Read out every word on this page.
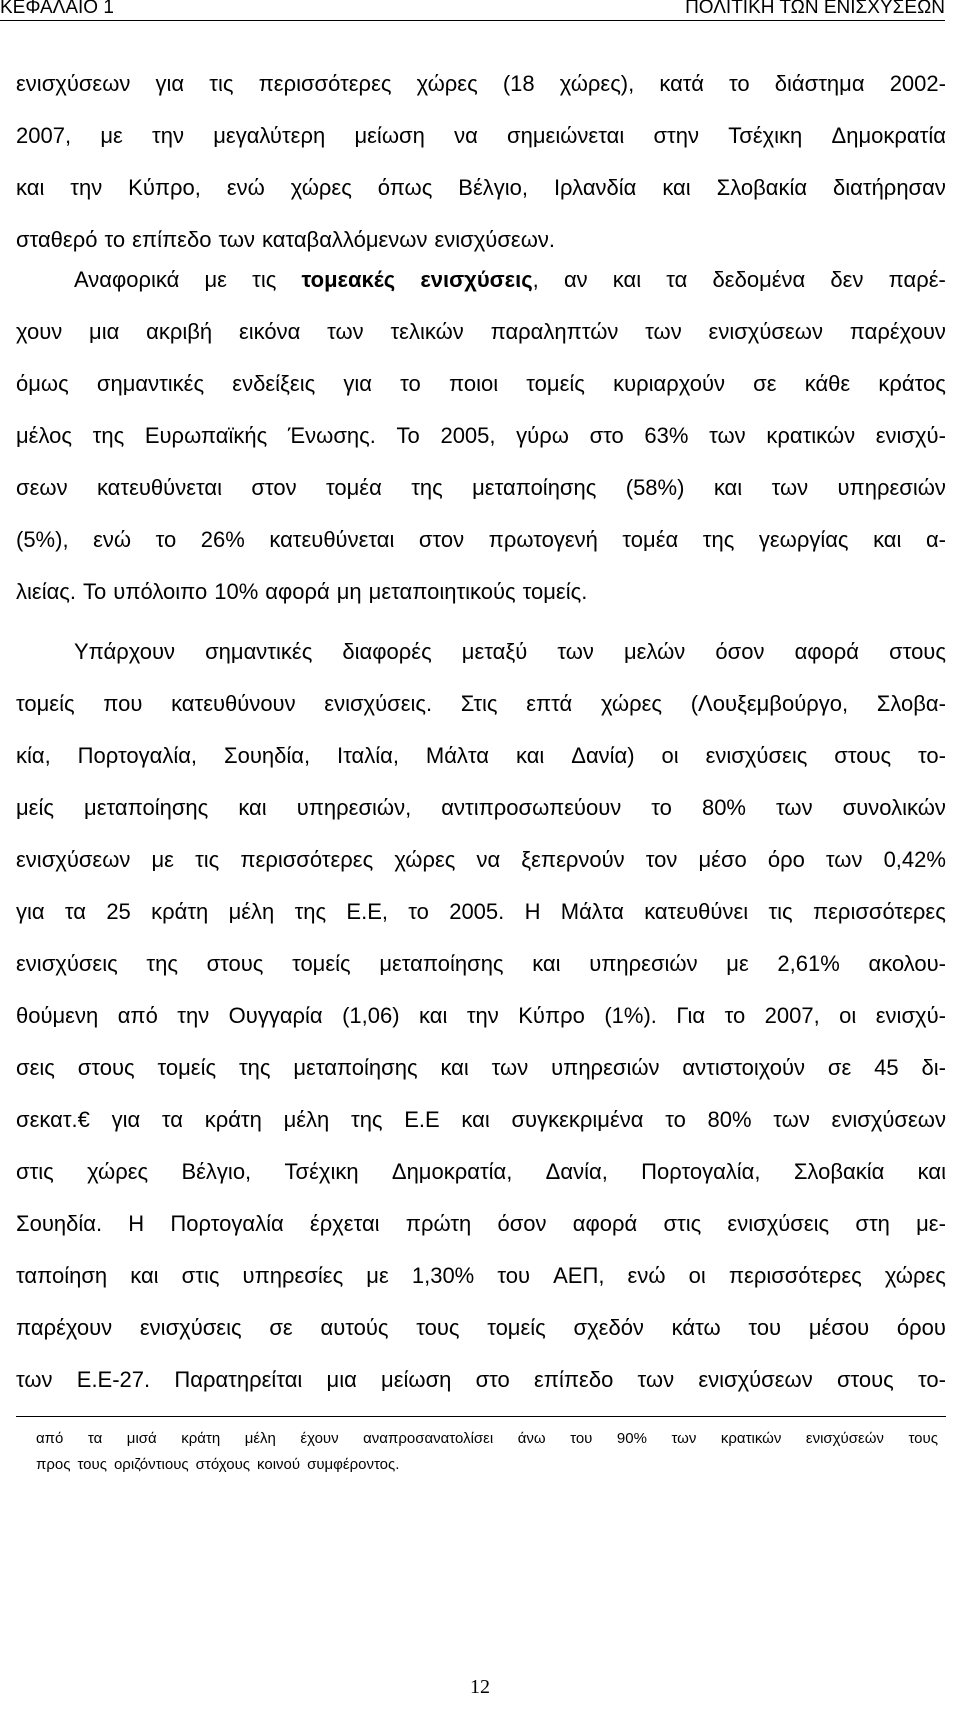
ΚΕΦΑΛΑΙΟ 1	ΠΟΛΙΤΙΚΗ ΤΩΝ ΕΝΙΣΧΥΣΕΩΝ
ενισχύσεων για τις περισσότερες χώρες (18 χώρες), κατά το διάστημα 2002-
2007, με την μεγαλύτερη μείωση να σημειώνεται στην Τσέχικη Δημοκρατία
και την Κύπρο, ενώ χώρες όπως Βέλγιο, Ιρλανδία και Σλοβακία διατήρησαν
σταθερό το επίπεδο των καταβαλλόμενων ενισχύσεων.
Αναφορικά με τις τομεακές ενισχύσεις, αν και τα δεδομένα δεν παρέ-
χουν μια ακριβή εικόνα των τελικών παραληπτών των ενισχύσεων παρέχουν
όμως σημαντικές ενδείξεις για το ποιοι τομείς κυριαρχούν σε κάθε κράτος
μέλος της Ευρωπαϊκής Ένωσης. Το 2005, γύρω στο 63% των κρατικών ενισχύ-
σεων κατευθύνεται στον τομέα της μεταποίησης (58%) και των υπηρεσιών
(5%), ενώ το 26% κατευθύνεται στον πρωτογενή τομέα της γεωργίας και α-
λιείας. Το υπόλοιπο 10% αφορά μη μεταποιητικούς τομείς.
Υπάρχουν σημαντικές διαφορές μεταξύ των μελών όσον αφορά στους
τομείς που κατευθύνουν ενισχύσεις. Στις επτά χώρες (Λουξεμβούργο, Σλοβα-
κία, Πορτογαλία, Σουηδία, Ιταλία, Μάλτα και Δανία) οι ενισχύσεις στους το-
μείς μεταποίησης και υπηρεσιών, αντιπροσωπεύουν το 80% των συνολικών
ενισχύσεων με τις περισσότερες χώρες να ξεπερνούν τον μέσο όρο των 0,42%
για τα 25 κράτη μέλη της Ε.Ε, το 2005. Η Μάλτα κατευθύνει τις περισσότερες
ενισχύσεις της στους τομείς μεταποίησης και υπηρεσιών με 2,61% ακολου-
θούμενη από την Ουγγαρία (1,06) και την Κύπρο (1%). Για το 2007, οι ενισχύ-
σεις στους τομείς της μεταποίησης και των υπηρεσιών αντιστοιχούν σε 45 δι-
σεκατ.€ για τα κράτη μέλη της Ε.Ε και συγκεκριμένα το 80% των ενισχύσεων
στις χώρες Βέλγιο, Τσέχικη Δημοκρατία, Δανία, Πορτογαλία, Σλοβακία και
Σουηδία. Η Πορτογαλία έρχεται πρώτη όσον αφορά στις ενισχύσεις στη με-
ταποίηση και στις υπηρεσίες με 1,30% του ΑΕΠ, ενώ οι περισσότερες χώρες
παρέχουν ενισχύσεις σε αυτούς τους τομείς σχεδόν κάτω του μέσου όρου
των Ε.Ε-27. Παρατηρείται μια μείωση στο επίπεδο των ενισχύσεων στους το-
από τα μισά κράτη μέλη έχουν αναπροσανατολίσει άνω του 90% των κρατικών ενισχύσεών τους
προς τους οριζόντιους στόχους κοινού συμφέροντος.
12
